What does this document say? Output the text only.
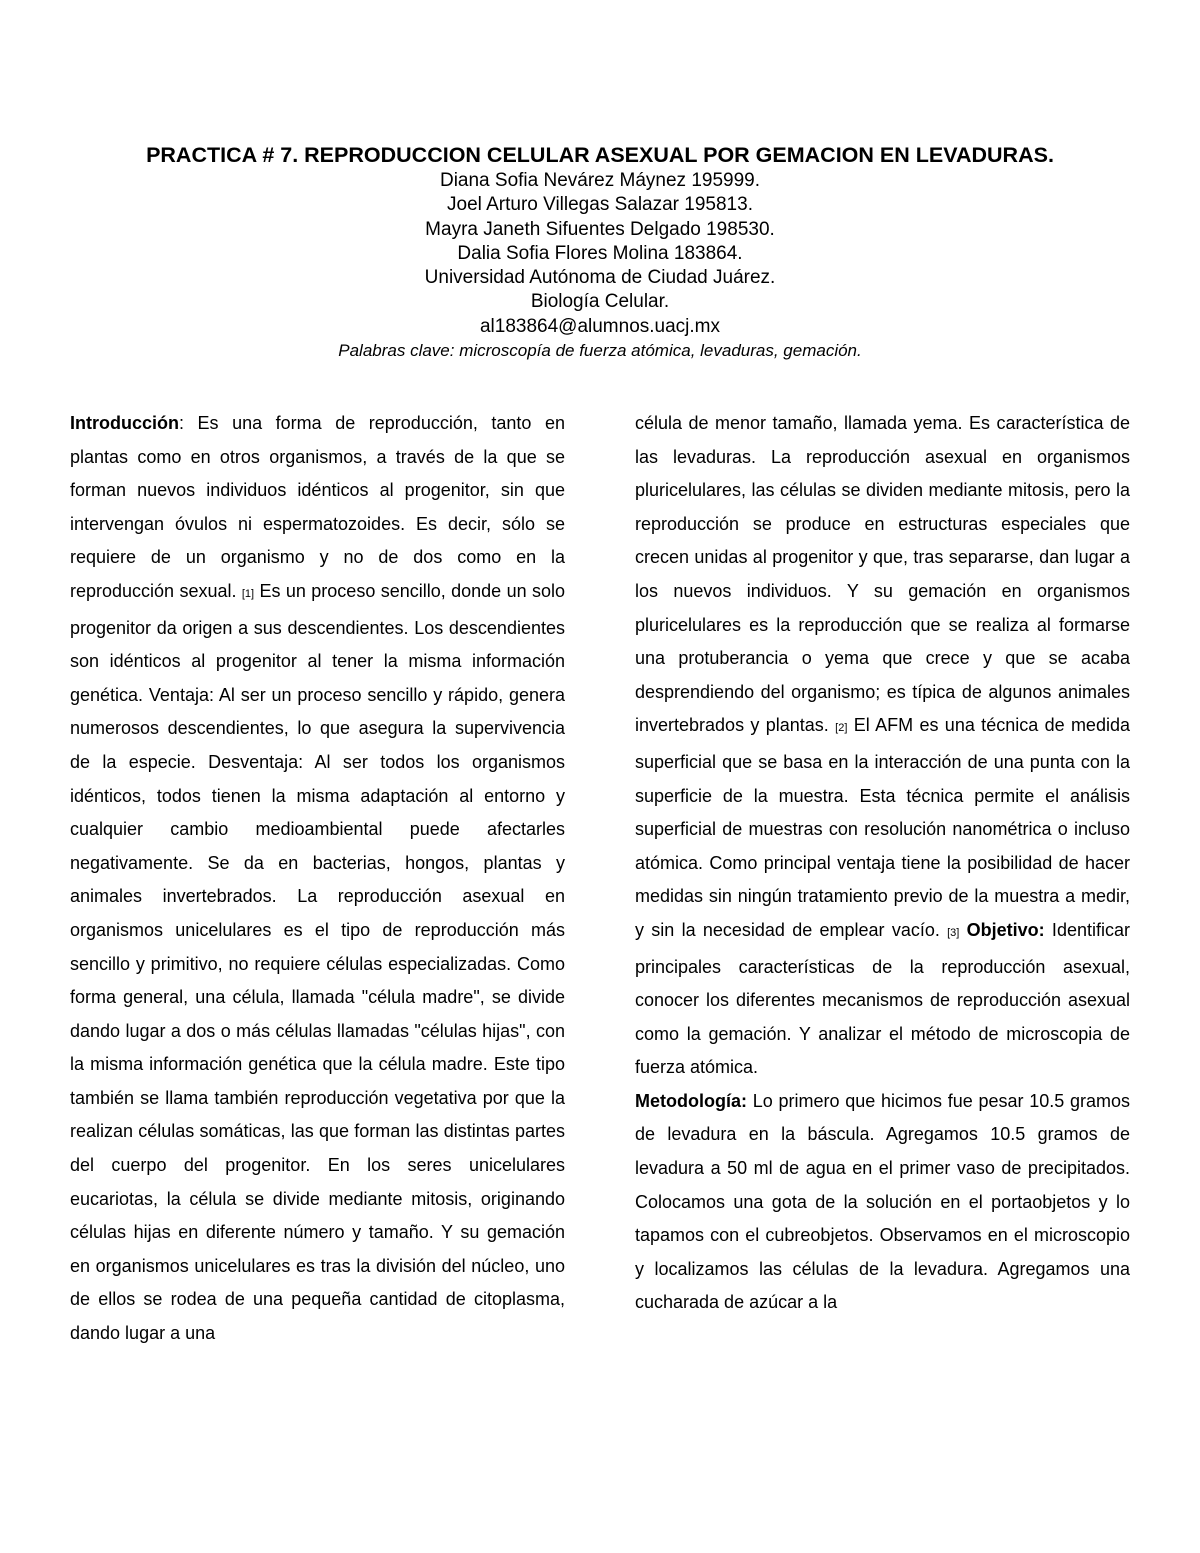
PRACTICA # 7. REPRODUCCION CELULAR ASEXUAL POR GEMACION EN LEVADURAS.
Diana Sofia Nevárez Máynez 195999.
Joel Arturo Villegas Salazar 195813.
Mayra Janeth Sifuentes Delgado 198530.
Dalia Sofia Flores Molina 183864.
Universidad Autónoma de Ciudad Juárez.
Biología Celular.
al183864@alumnos.uacj.mx
Palabras clave: microscopía de fuerza atómica, levaduras, gemación.

Introducción: Es una forma de reproducción, tanto en plantas como en otros organismos, a través de la que se forman nuevos individuos idénticos al progenitor, sin que intervengan óvulos ni espermatozoides. Es decir, sólo se requiere de un organismo y no de dos como en la reproducción sexual. [1] Es un proceso sencillo, donde un solo progenitor da origen a sus descendientes. Los descendientes son idénticos al progenitor al tener la misma información genética. Ventaja: Al ser un proceso sencillo y rápido, genera numerosos descendientes, lo que asegura la supervivencia de la especie. Desventaja: Al ser todos los organismos idénticos, todos tienen la misma adaptación al entorno y cualquier cambio medioambiental puede afectarles negativamente. Se da en bacterias, hongos, plantas y animales invertebrados. La reproducción asexual en organismos unicelulares es el tipo de reproducción más sencillo y primitivo, no requiere células especializadas. Como forma general, una célula, llamada "célula madre", se divide dando lugar a dos o más células llamadas "células hijas", con la misma información genética que la célula madre. Este tipo también se llama también reproducción vegetativa por que la realizan células somáticas, las que forman las distintas partes del cuerpo del progenitor. En los seres unicelulares eucariotas, la célula se divide mediante mitosis, originando células hijas en diferente número y tamaño. Y su gemación en organismos unicelulares es tras la división del núcleo, uno de ellos se rodea de una pequeña cantidad de citoplasma, dando lugar a una

célula de menor tamaño, llamada yema. Es característica de las levaduras. La reproducción asexual en organismos pluricelulares, las células se dividen mediante mitosis, pero la reproducción se produce en estructuras especiales que crecen unidas al progenitor y que, tras separarse, dan lugar a los nuevos individuos. Y su gemación en organismos pluricelulares es la reproducción que se realiza al formarse una protuberancia o yema que crece y que se acaba desprendiendo del organismo; es típica de algunos animales invertebrados y plantas. [2] El AFM es una técnica de medida superficial que se basa en la interacción de una punta con la superficie de la muestra. Esta técnica permite el análisis superficial de muestras con resolución nanométrica o incluso atómica. Como principal ventaja tiene la posibilidad de hacer medidas sin ningún tratamiento previo de la muestra a medir, y sin la necesidad de emplear vacío. [3] Objetivo: Identificar principales características de la reproducción asexual, conocer los diferentes mecanismos de reproducción asexual como la gemación. Y analizar el método de microscopia de fuerza atómica.

Metodología: Lo primero que hicimos fue pesar 10.5 gramos de levadura en la báscula. Agregamos 10.5 gramos de levadura a 50 ml de agua en el primer vaso de precipitados. Colocamos una gota de la solución en el portaobjetos y lo tapamos con el cubreobjetos. Observamos en el microscopio y localizamos las células de la levadura. Agregamos una cucharada de azúcar a la
